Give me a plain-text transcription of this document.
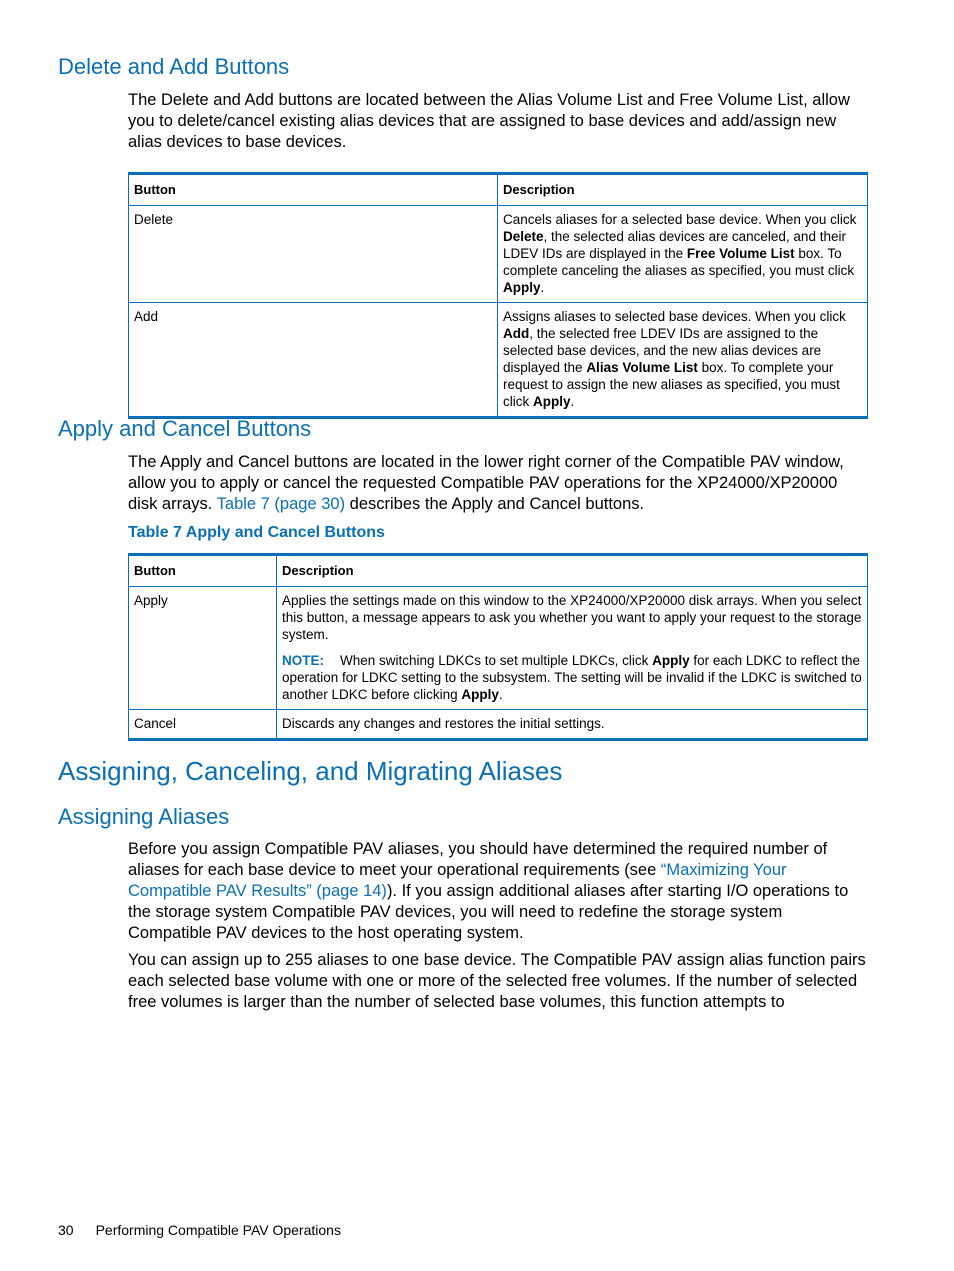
Delete and Add Buttons

The Delete and Add buttons are located between the Alias Volume List and Free Volume List, allow you to delete/cancel existing alias devices that are assigned to base devices and add/assign new alias devices to base devices.

Button	Description
Delete	Cancels aliases for a selected base device. When you click Delete, the selected alias devices are canceled, and their LDEV IDs are displayed in the Free Volume List box. To complete canceling the aliases as specified, you must click Apply.
Add	Assigns aliases to selected base devices. When you click Add, the selected free LDEV IDs are assigned to the selected base devices, and the new alias devices are displayed the Alias Volume List box. To complete your request to assign the new aliases as specified, you must click Apply.
Apply and Cancel Buttons

The Apply and Cancel buttons are located in the lower right corner of the Compatible PAV window, allow you to apply or cancel the requested Compatible PAV operations for the XP24000/XP20000 disk arrays. Table 7 (page 30) describes the Apply and Cancel buttons.

Table 7 Apply and Cancel Buttons

Button	Description
Apply	Applies the settings made on this window to the XP24000/XP20000 disk arrays. When you select this button, a message appears to ask you whether you want to apply your request to the storage system.

NOTE: When switching LDKCs to set multiple LDKCs, click Apply for each LDKC to reflect the operation for LDKC setting to the subsystem. The setting will be invalid if the LDKC is switched to another LDKC before clicking Apply.

Cancel	Discards any changes and restores the initial settings.
Assigning, Canceling, and Migrating Aliases
Assigning Aliases

Before you assign Compatible PAV aliases, you should have determined the required number of aliases for each base device to meet your operational requirements (see “Maximizing Your Compatible PAV Results” (page 14)). If you assign additional aliases after starting I/O operations to the storage system Compatible PAV devices, you will need to redefine the storage system Compatible PAV devices to the host operating system.

You can assign up to 255 aliases to one base device. The Compatible PAV assign alias function pairs each selected base volume with one or more of the selected free volumes. If the number of selected free volumes is larger than the number of selected base volumes, this function attempts to

30 Performing Compatible PAV Operations
